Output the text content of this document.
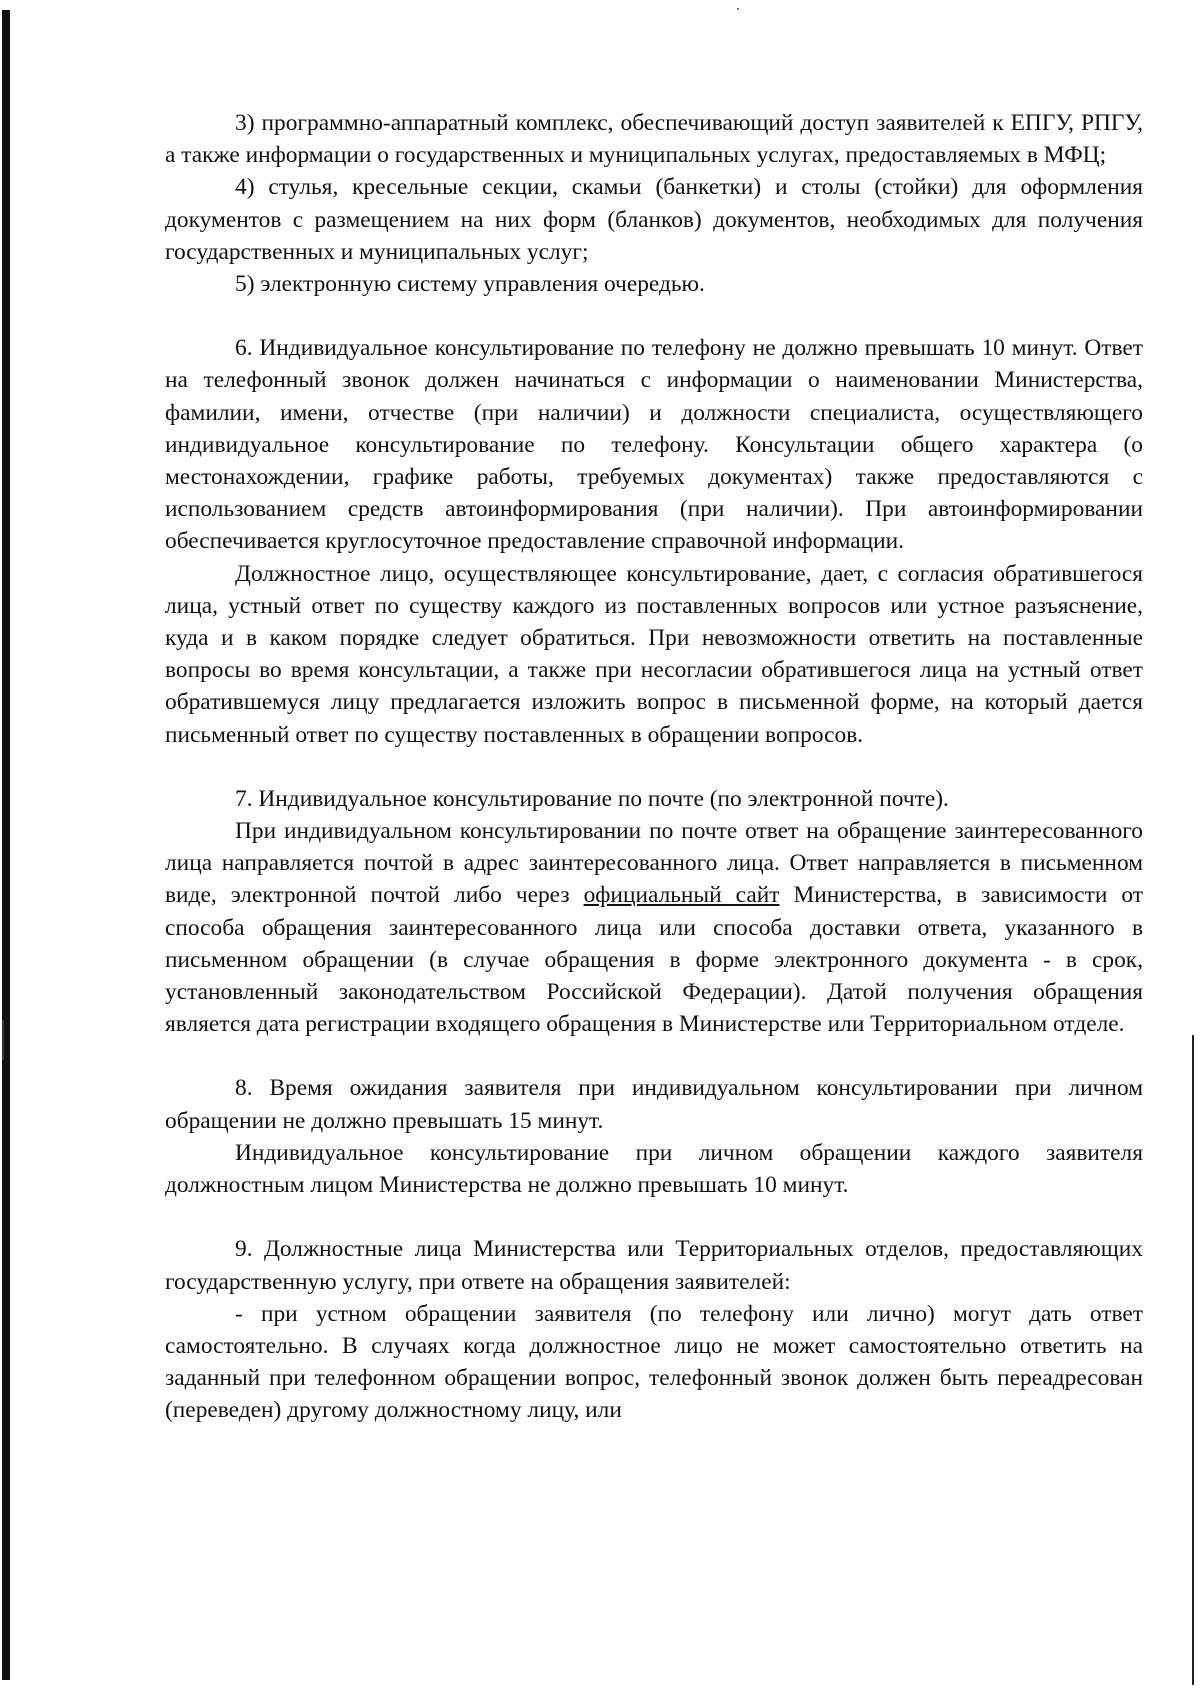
3) программно-аппаратный комплекс, обеспечивающий доступ заявителей к ЕПГУ, РПГУ, а также информации о государственных и муниципальных услугах, предоставляемых в МФЦ;

4) стулья, кресельные секции, скамьи (банкетки) и столы (стойки) для оформления документов с размещением на них форм (бланков) документов, необходимых для получения государственных и муниципальных услуг;

5) электронную систему управления очередью.

6. Индивидуальное консультирование по телефону не должно превышать 10 минут. Ответ на телефонный звонок должен начинаться с информации о наименовании Министерства, фамилии, имени, отчестве (при наличии) и должности специалиста, осуществляющего индивидуальное консультирование по телефону. Консультации общего характера (о местонахождении, графике работы, требуемых документах) также предоставляются с использованием средств автоинформирования (при наличии). При автоинформировании обеспечивается круглосуточное предоставление справочной информации.

Должностное лицо, осуществляющее консультирование, дает, с согласия обратившегося лица, устный ответ по существу каждого из поставленных вопросов или устное разъяснение, куда и в каком порядке следует обратиться. При невозможности ответить на поставленные вопросы во время консультации, а также при несогласии обратившегося лица на устный ответ обратившемуся лицу предлагается изложить вопрос в письменной форме, на который дается письменный ответ по существу поставленных в обращении вопросов.

7. Индивидуальное консультирование по почте (по электронной почте).

При индивидуальном консультировании по почте ответ на обращение заинтересованного лица направляется почтой в адрес заинтересованного лица. Ответ направляется в письменном виде, электронной почтой либо через официальный сайт Министерства, в зависимости от способа обращения заинтересованного лица или способа доставки ответа, указанного в письменном обращении (в случае обращения в форме электронного документа - в срок, установленный законодательством Российской Федерации). Датой получения обращения является дата регистрации входящего обращения в Министерстве или Территориальном отделе.

8. Время ожидания заявителя при индивидуальном консультировании при личном обращении не должно превышать 15 минут.

Индивидуальное консультирование при личном обращении каждого заявителя должностным лицом Министерства не должно превышать 10 минут.

9. Должностные лица Министерства или Территориальных отделов, предоставляющих государственную услугу, при ответе на обращения заявителей:

- при устном обращении заявителя (по телефону или лично) могут дать ответ самостоятельно. В случаях когда должностное лицо не может самостоятельно ответить на заданный при телефонном обращении вопрос, телефонный звонок должен быть переадресован (переведен) другому должностному лицу, или
